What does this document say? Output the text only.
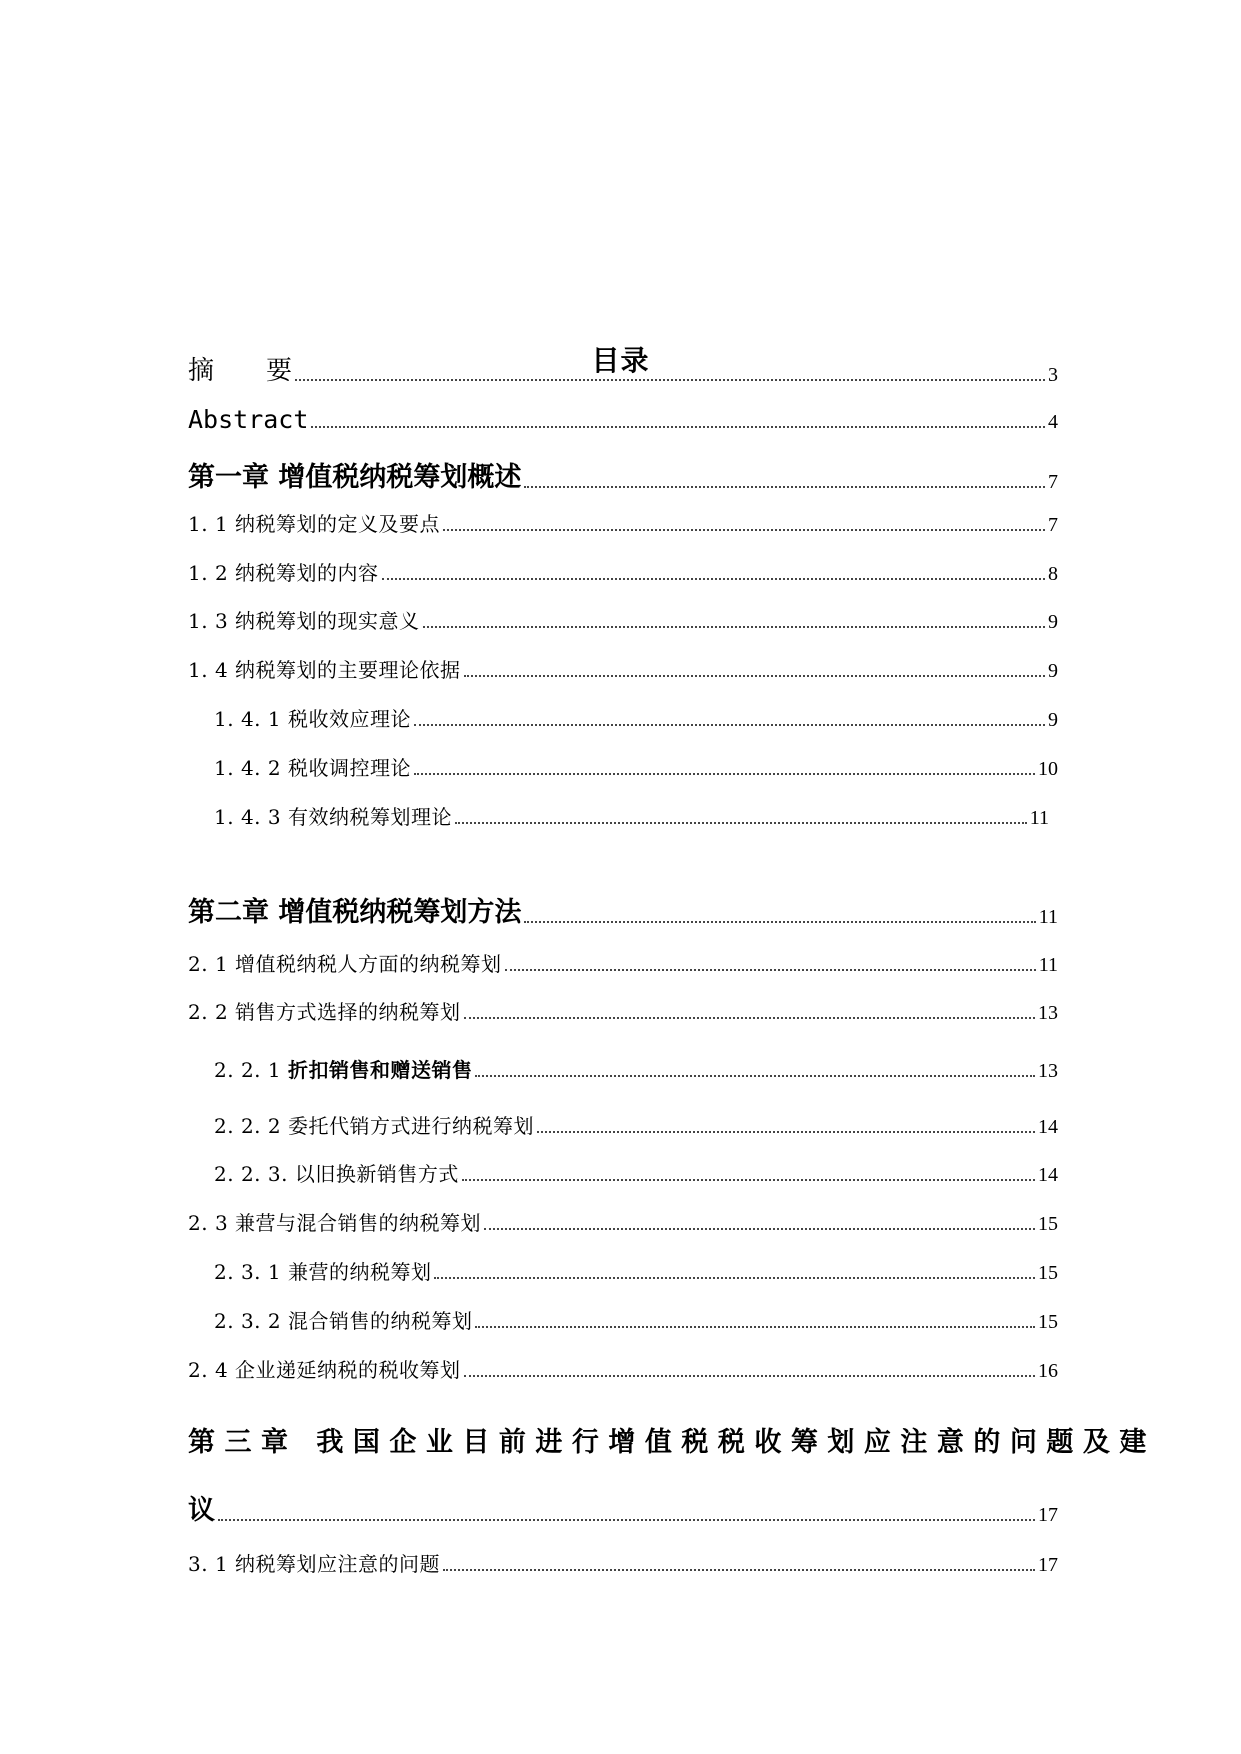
目录
摘　　要	3
Abstract	4
第一章 增值税纳税筹划概述	7
1. 1 纳税筹划的定义及要点	7
1. 2 纳税筹划的内容	8
1. 3 纳税筹划的现实意义	9
1. 4 纳税筹划的主要理论依据	9
1. 4. 1 税收效应理论	9
1. 4. 2 税收调控理论	10
1. 4. 3 有效纳税筹划理论	11
第二章 增值税纳税筹划方法	11
2. 1 增值税纳税人方面的纳税筹划	11
2. 2 销售方式选择的纳税筹划	13
2. 2. 1 折扣销售和赠送销售	13
2. 2. 2 委托代销方式进行纳税筹划	14
2. 2. 3. 以旧换新销售方式	14
2. 3 兼营与混合销售的纳税筹划	15
2. 3. 1 兼营的纳税筹划	15
2. 3. 2 混合销售的纳税筹划	15
2. 4 企业递延纳税的税收筹划	16
第三章 我国企业目前进行增值税税收筹划应注意的问题及建
议	17
3. 1 纳税筹划应注意的问题	17
